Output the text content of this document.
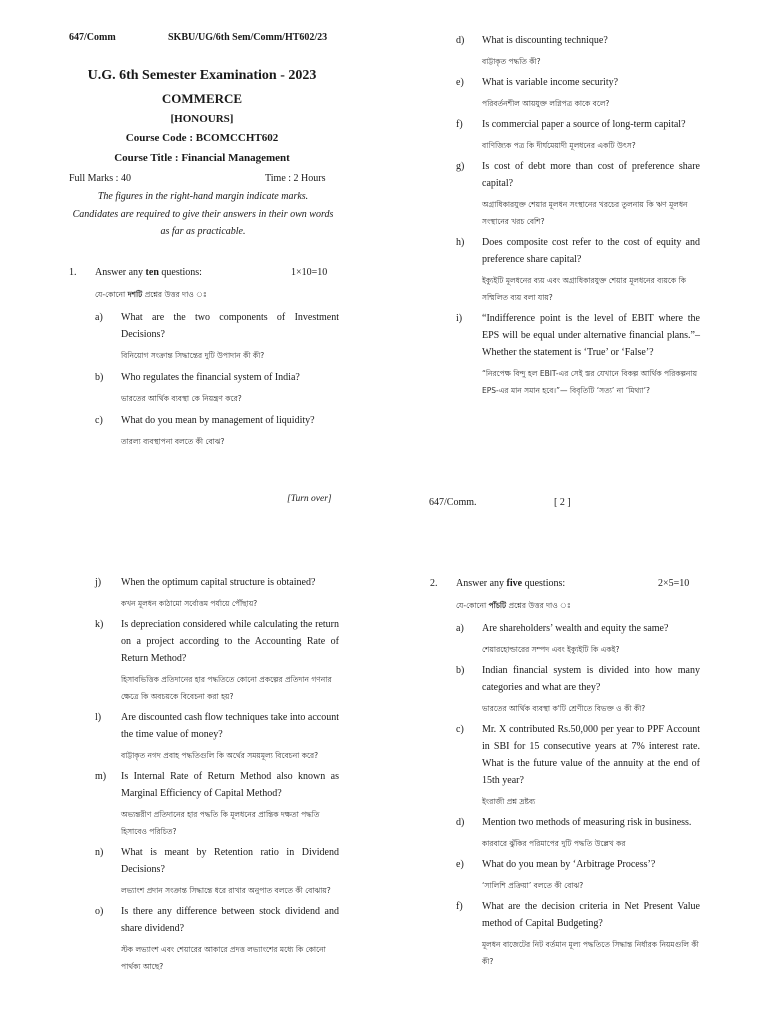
647/Comm	SKBU/UG/6th Sem/Comm/HT602/23
U.G. 6th Semester Examination - 2023
COMMERCE
[HONOURS]
Course Code : BCOMCCHT602
Course Title : Financial Management
Full Marks : 40	Time : 2 Hours
The figures in the right-hand margin indicate marks.
Candidates are required to give their answers in their own words as far as practicable.
1. Answer any ten questions:	1×10=10
যে-কোনো দশটি প্রশ্নের উত্তর দাও ঃ
a)	What are the two components of Investment Decisions?
বিনিয়োগ সংক্রান্ত সিদ্ধান্তের দুটি উপাদান কী কী?
b)	Who regulates the financial system of India?
ভারতের আর্থিক ব্যবস্থা কে নিয়ন্ত্রণ করে?
c)	What do you mean by management of liquidity?
তারল্য ব্যবস্থাপনা বলতে কী বোঝ?
[Turn over]
d)	What is discounting technique?
বাট্টাকৃত পদ্ধতি কী?
e)	What is variable income security?
পরিবর্তনশীল আয়যুক্ত লগ্নিপত্র কাকে বলে?
f)	Is commercial paper a source of long-term capital?
বাণিজ্যিক পত্র কি দীর্ঘমেয়াদী মূলধনের একটি উৎস?
g)	Is cost of debt more than cost of preference share capital?
অগ্রাধিকারযুক্ত শেয়ার মূলধন সংস্থানের খরচের তুলনায় কি ঋণ মূলধন সংস্থানের খরচ বেশি?
h)	Does composite cost refer to the cost of equity and preference share capital?
ইক্যুইটি মূলধনের ব্যয় এবং অগ্রাধিকারযুক্ত শেয়ার মূলধনের ব্যয়কে কি সম্মিলিত ব্যয় বলা যায়?
i)	“Indifference point is the level of EBIT where the EPS will be equal under alternative financial plans.”– Whether the statement is ‘True’ or ‘False’?
“নিরপেক্ষ বিন্দু হল EBIT-এর সেই স্তর যেখানে বিকল্প আর্থিক পরিকল্পনায় EPS-এর মান সমান হবে।”— বিবৃতিটি ‘সত্য’ না ‘মিথ্যা’?
647/Comm.	[ 2 ]
j)	When the optimum capital structure is obtained?
কখন মূলধন কাঠামো সর্বোত্তম পর্যায়ে পৌঁছায়?
k)	Is depreciation considered while calculating the return on a project according to the Accounting Rate of Return Method?
হিসাবভিত্তিক প্রতিদানের হার পদ্ধতিতে কোনো প্রকল্পের প্রতিদান গণনার ক্ষেত্রে কি অবচয়কে বিবেচনা করা হয়?
l)	Are discounted cash flow techniques take into account the time value of money?
বাট্টাকৃত নগদ প্রবাহ পদ্ধতিগুলি কি অর্থের সময়মূল্য বিবেচনা করে?
m)	Is Internal Rate of Return Method also known as Marginal Efficiency of Capital Method?
অভ্যন্তরীণ প্রতিদানের হার পদ্ধতি কি মূলধনের প্রান্তিক দক্ষতা পদ্ধতি হিসাবেও পরিচিত?
n)	What is meant by Retention ratio in Dividend Decisions?
লভ্যাংশ প্রদান সংক্রান্ত সিদ্ধান্তে ধরে রাখার অনুপাত বলতে কী বোঝায়?
o)	Is there any difference between stock dividend and share dividend?
স্টক লভ্যাংশ এবং শেয়ারের আকারে প্রদত্ত লভ্যাংশের মধ্যে কি কোনো পার্থক্য আছে?
2. Answer any five questions:	2×5=10
যে-কোনো পাঁচটি প্রশ্নের উত্তর দাও ঃ
a)	Are shareholders’ wealth and equity the same?
শেয়ারহোল্ডারের সম্পদ এবং ইক্যুইটি কি একই?
b)	Indian financial system is divided into how many categories and what are they?
ভারতের আর্থিক ব্যবস্থা ক'টি শ্রেণীতে বিভক্ত ও কী কী?
c)	Mr. X contributed Rs.50,000 per year to PPF Account in SBI for 15 consecutive years at 7% interest rate. What is the future value of the annuity at the end of 15th year?
ইংরাজী প্রশ্ন দ্রষ্টব্য
d)	Mention two methods of measuring risk in business.
কারবারে ঝুঁকির পরিমাপের দুটি পদ্ধতি উল্লেখ কর
e)	What do you mean by ‘Arbitrage Process’?
‘সালিশি প্রক্রিয়া’ বলতে কী বোঝ?
f)	What are the decision criteria in Net Present Value method of Capital Budgeting?
মূলধন বাজেটের নিট বর্তমান মূল্য পদ্ধতিতে সিদ্ধান্ত নির্ধারক নিয়মগুলি কী কী?
